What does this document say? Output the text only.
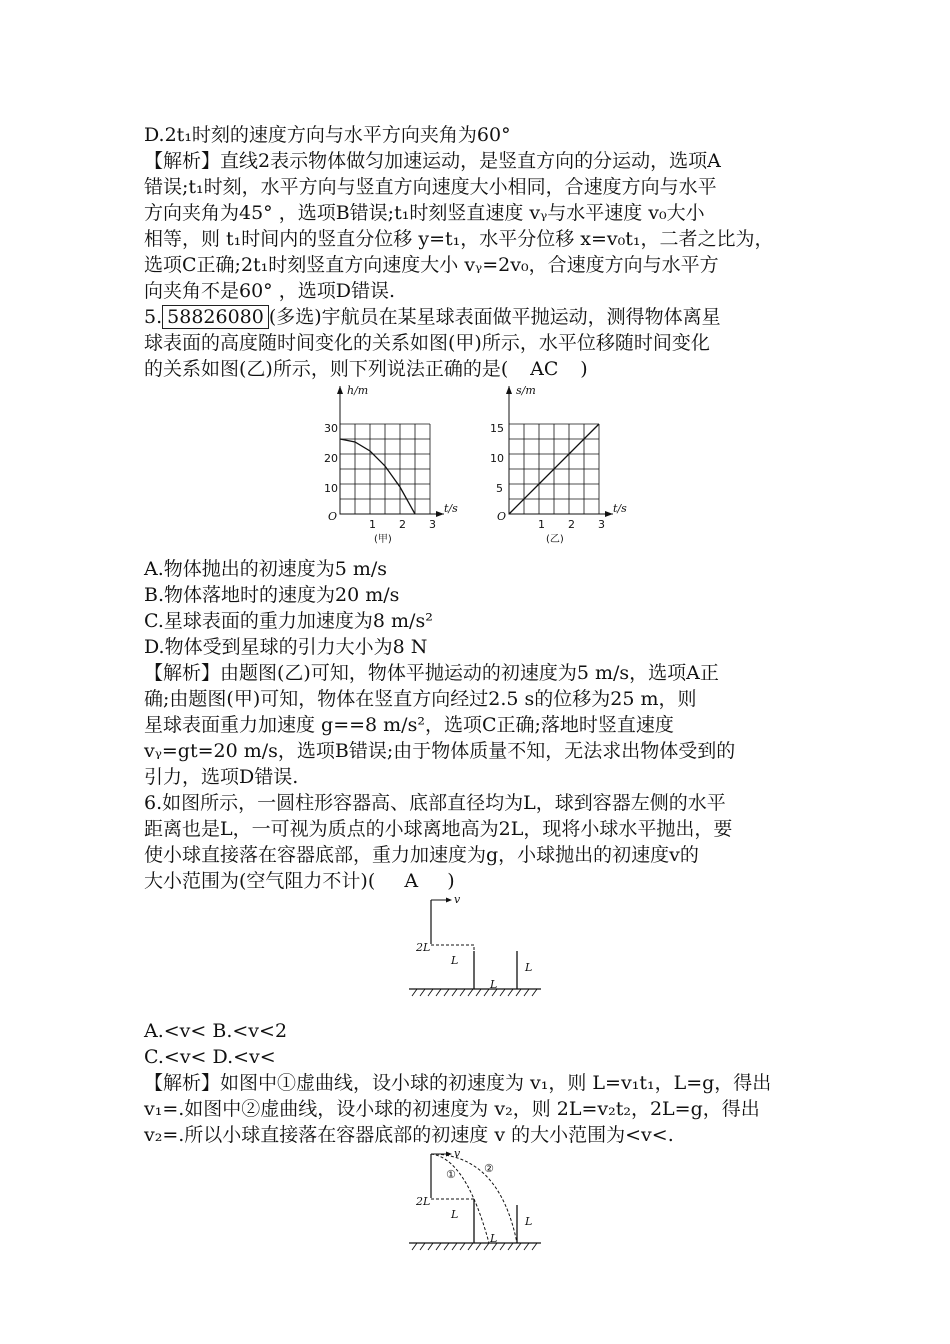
D.2t₁时刻的速度方向与水平方向夹角为60°
【解析】直线2表示物体做匀加速运动，是竖直方向的分运动，选项A
错误;t₁时刻，水平方向与竖直方向速度大小相同，合速度方向与水平
方向夹角为45° ，选项B错误;t₁时刻竖直速度 vᵧ与水平速度 v₀大小
相等，则 t₁时间内的竖直分位移 y=t₁，水平分位移 x=v₀t₁，二者之比为，
选项C正确;2t₁时刻竖直方向速度大小 vᵧ=2v₀，合速度方向与水平方
向夹角不是60° ，选项D错误.
5. 58826080 (多选)宇航员在某星球表面做平抛运动，测得物体离星
球表面的高度随时间变化的关系如图(甲)所示，水平位移随时间变化
的关系如图(乙)所示，则下列说法正确的是( AC )
h/m
t/s
O
10
20
30
1 2 3
s/m
t/s
O
5
10
15
1 2 3
(甲)	(乙)
A.物体抛出的初速度为5 m/s
B.物体落地时的速度为20 m/s
C.星球表面的重力加速度为8 m/s²
D.物体受到星球的引力大小为8 N
【解析】由题图(乙)可知，物体平抛运动的初速度为5 m/s，选项A正
确;由题图(甲)可知，物体在竖直方向经过2.5 s的位移为25 m，则
星球表面重力加速度 g==8 m/s²，选项C正确;落地时竖直速度
vᵧ=gt=20 m/s，选项B错误;由于物体质量不知，无法求出物体受到的
引力，选项D错误.
6.如图所示，一圆柱形容器高、底部直径均为L，球到容器左侧的水平
距离也是L，一可视为质点的小球离地高为2L，现将小球水平抛出，要
使小球直接落在容器底部，重力加速度为g，小球抛出的初速度v的
大小范围为(空气阻力不计)( A )
v
2L
L
L
L
A.<v< B.<v<2
C.<v< D.<v<
【解析】如图中①虚曲线，设小球的初速度为 v₁，则 L=v₁t₁，L=g，得出
v₁=.如图中②虚曲线，设小球的初速度为 v₂，则 2L=v₂t₂，2L=g，得出
v₂=.所以小球直接落在容器底部的初速度 v 的大小范围为<v<.
v
①	②
2L
L
L
L
